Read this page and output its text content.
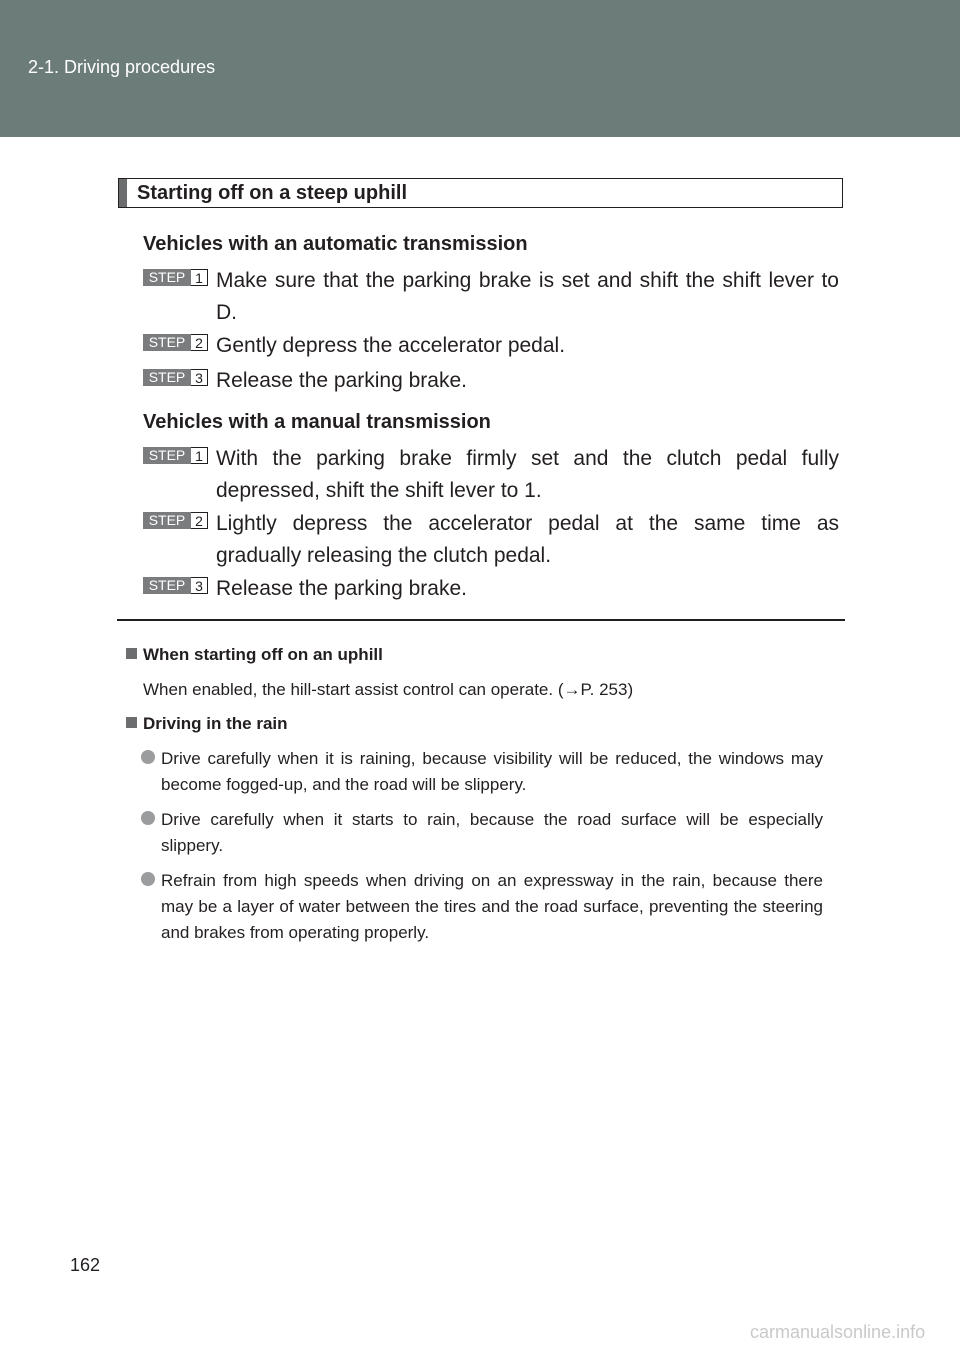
2-1. Driving procedures
Starting off on a steep uphill
Vehicles with an automatic transmission
STEP 1 Make sure that the parking brake is set and shift the shift lever to D.
STEP 2 Gently depress the accelerator pedal.
STEP 3 Release the parking brake.
Vehicles with a manual transmission
STEP 1 With the parking brake firmly set and the clutch pedal fully depressed, shift the shift lever to 1.
STEP 2 Lightly depress the accelerator pedal at the same time as gradually releasing the clutch pedal.
STEP 3 Release the parking brake.
When starting off on an uphill
When enabled, the hill-start assist control can operate. (→P. 253)
Driving in the rain
Drive carefully when it is raining, because visibility will be reduced, the windows may become fogged-up, and the road will be slippery.
Drive carefully when it starts to rain, because the road surface will be especially slippery.
Refrain from high speeds when driving on an expressway in the rain, because there may be a layer of water between the tires and the road surface, preventing the steering and brakes from operating properly.
162
carmanualsonline.info
